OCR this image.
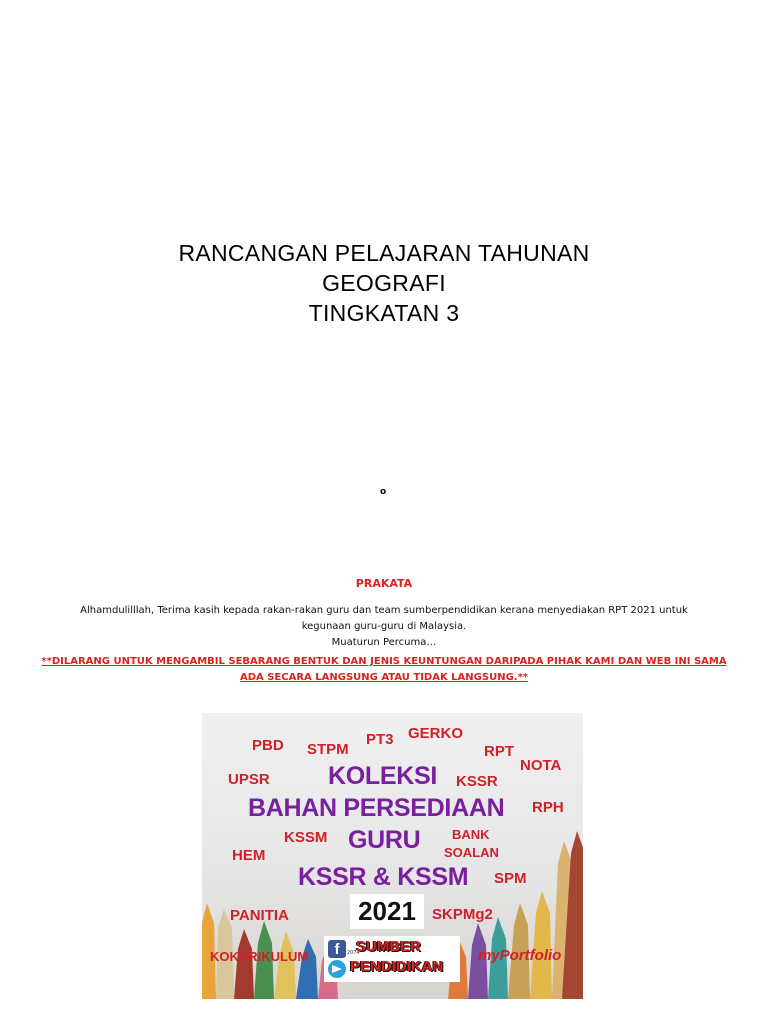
RANCANGAN PELAJARAN TAHUNAN
GEOGRAFI
TINGKATAN 3
o
PRAKATA
Alhamdulilllah, Terima kasih kepada rakan-rakan guru dan team sumberpendidikan kerana menyediakan RPT 2021 untuk
kegunaan guru-guru di Malaysia.
Muaturun Percuma…
**DILARANG UNTUK MENGAMBIL SEBARANG BENTUK DAN JENIS KEUNTUNGAN DARIPADA PIHAK KAMI DAN WEB INI SAMA
ADA SECARA LANGSUNG ATAU TIDAK LANGSUNG.**
PBD STPM
PT3 GERKO
RPT
NOTA
UPSR KOLEKSI KSSR
BAHAN PERSEDIAAN RPH
KSSM GURU BANK
SOALAN
HEM
KSSR & KSSM SPM
PANITIA	2021	SKPMg2
KOKURIKULUM	myPortfolio
f	2074
SUMBER
PENDIDIKAN
